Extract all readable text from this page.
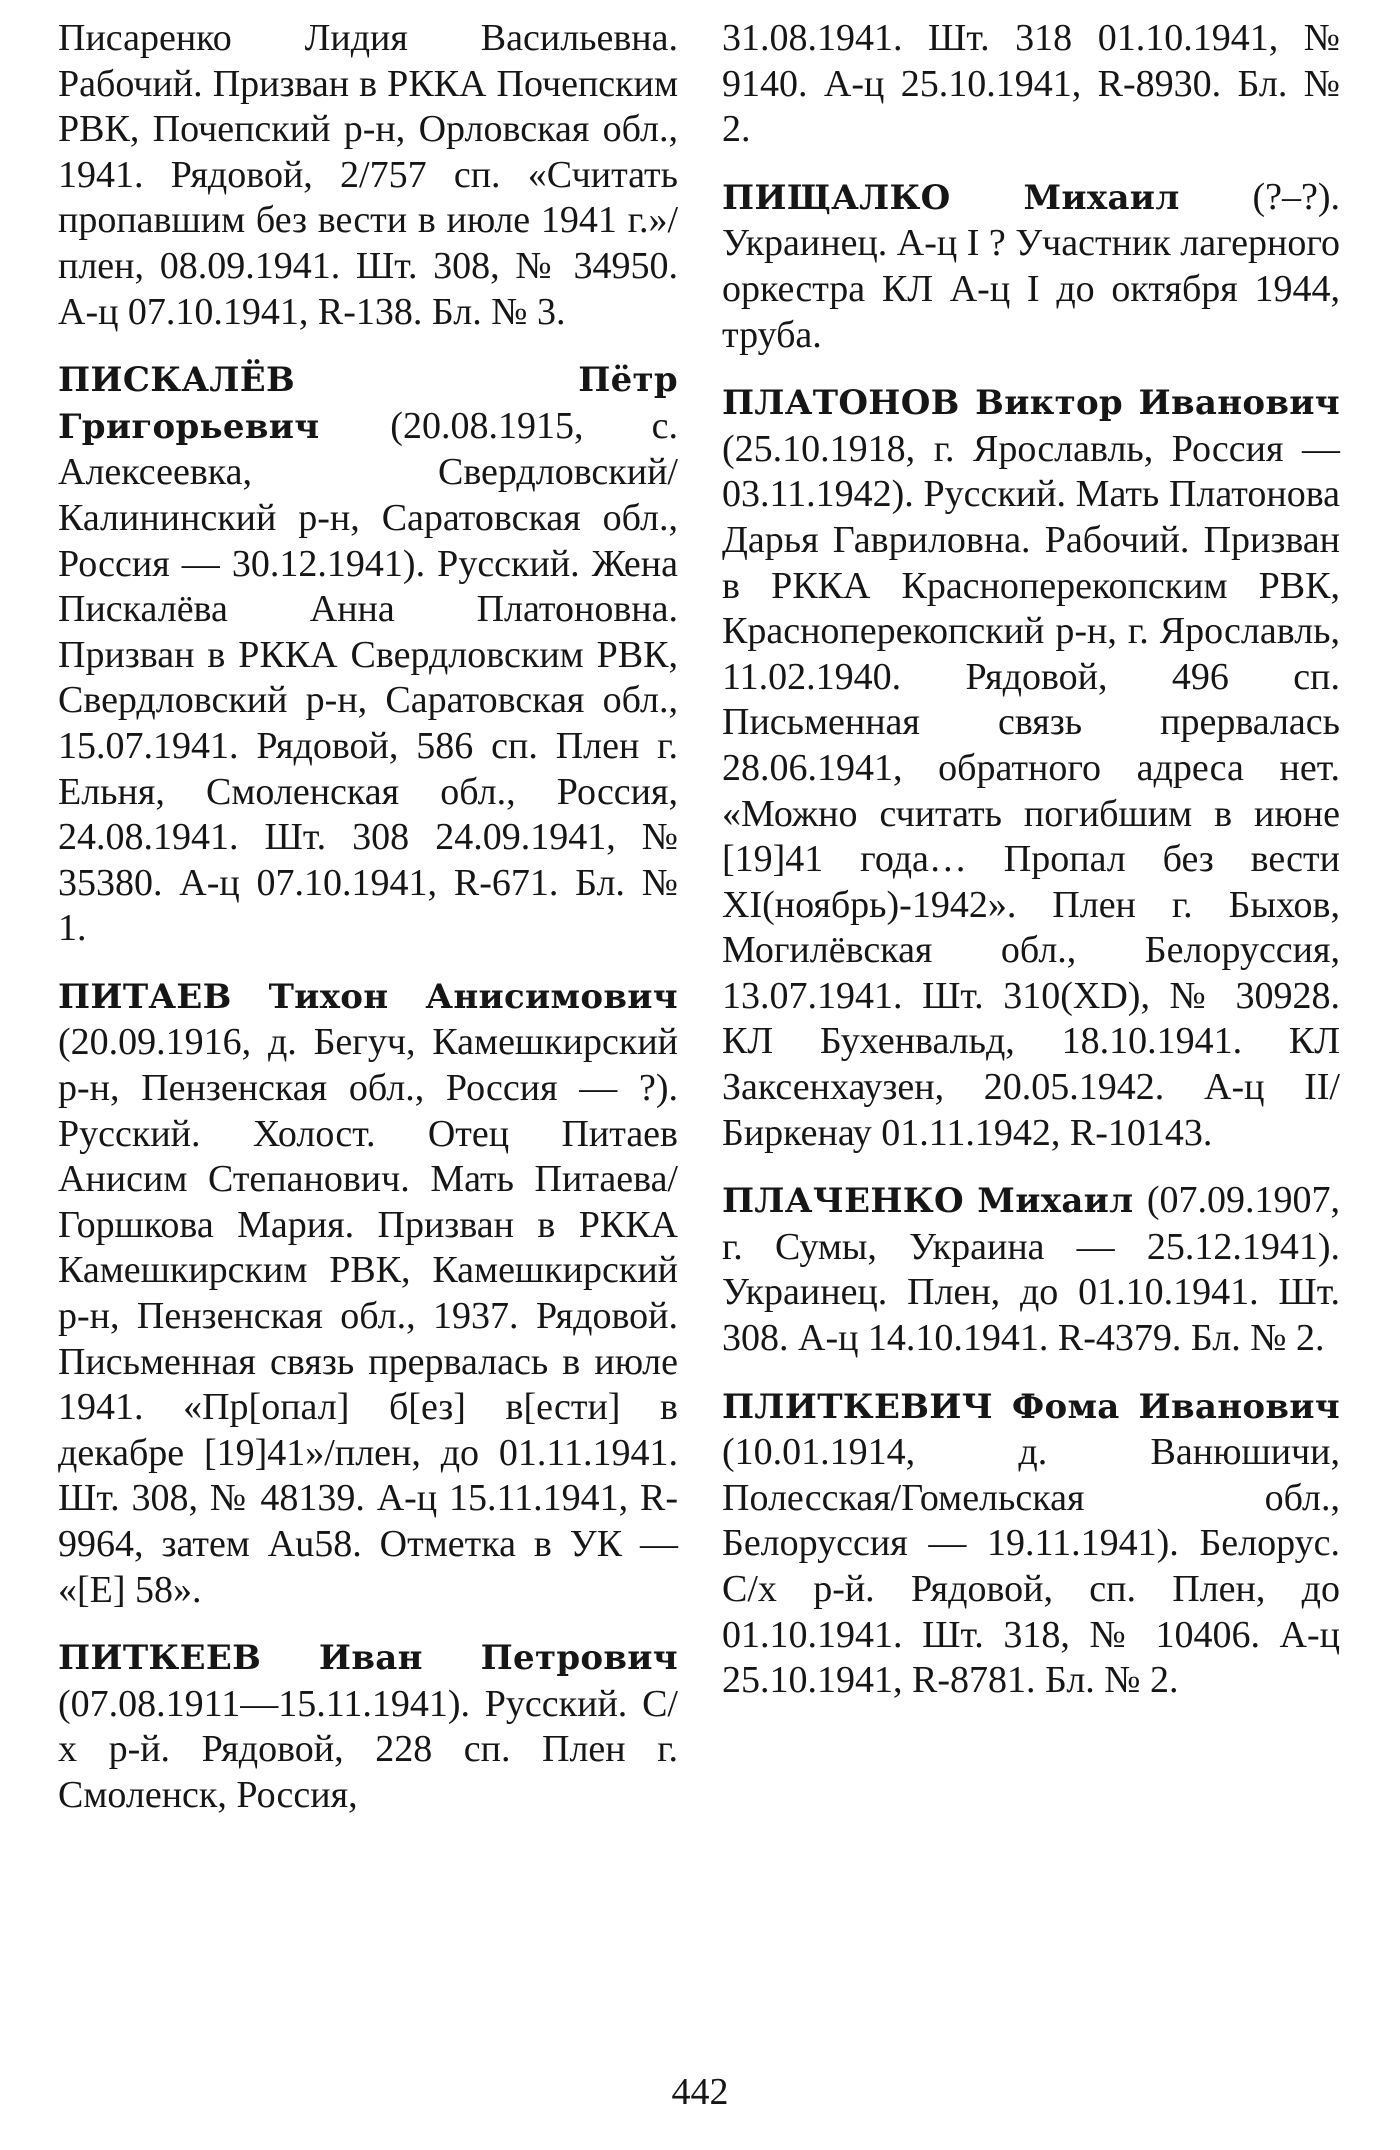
Писаренко Лидия Васильевна. Рабочий. Призван в РККА Почепским РВК, Почепский р-н, Орловская обл., 1941. Рядовой, 2/757 сп. «Считать пропавшим без вести в июле 1941 г.»/плен, 08.09.1941. Шт. 308, № 34950. А-ц 07.10.1941, R-138. Бл. № 3.

ПИСКАЛЁВ Пётр Григорьевич (20.08.1915, с. Алексеевка, Свердловский/Калининский р-н, Саратовская обл., Россия — 30.12.1941). Русский. Жена Пискалёва Анна Платоновна. Призван в РККА Свердловским РВК, Свердловский р-н, Саратовская обл., 15.07.1941. Рядовой, 586 сп. Плен г. Ельня, Смоленская обл., Россия, 24.08.1941. Шт. 308 24.09.1941, № 35380. А-ц 07.10.1941, R-671. Бл. № 1.

ПИТАЕВ Тихон Анисимович (20.09.1916, д. Бегуч, Камешкирский р-н, Пензенская обл., Россия — ?). Русский. Холост. Отец Питаев Анисим Степанович. Мать Питаева/Горшкова Мария. Призван в РККА Камешкирским РВК, Камешкирский р-н, Пензенская обл., 1937. Рядовой. Письменная связь прервалась в июле 1941. «Пр[опал] б[ез] в[ести] в декабре [19]41»/плен, до 01.11.1941. Шт. 308, № 48139. А-ц 15.11.1941, R-9964, затем Au58. Отметка в УК — «[E] 58».

ПИТКЕЕВ Иван Петрович (07.08.1911—15.11.1941). Русский. С/х р-й. Рядовой, 228 сп. Плен г. Смоленск, Россия,

31.08.1941. Шт. 318 01.10.1941, № 9140. А-ц 25.10.1941, R-8930. Бл. № 2.

ПИЩАЛКО Михаил (?–?). Украинец. А-ц I ? Участник лагерного оркестра КЛ А-ц I до октября 1944, труба.

ПЛАТОНОВ Виктор Иванович (25.10.1918, г. Ярославль, Россия — 03.11.1942). Русский. Мать Платонова Дарья Гавриловна. Рабочий. Призван в РККА Красноперекопским РВК, Красноперекопский р-н, г. Ярославль, 11.02.1940. Рядовой, 496 сп. Письменная связь прервалась 28.06.1941, обратного адреса нет. «Можно считать погибшим в июне [19]41 года… Пропал без вести XI(ноябрь)-1942». Плен г. Быхов, Могилёвская обл., Белоруссия, 13.07.1941. Шт. 310(XD), № 30928. КЛ Бухенвальд, 18.10.1941. КЛ Заксенхаузен, 20.05.1942. А-ц II/Биркенау 01.11.1942, R-10143.

ПЛАЧЕНКО Михаил (07.09.1907, г. Сумы, Украина — 25.12.1941). Украинец. Плен, до 01.10.1941. Шт. 308. А-ц 14.10.1941. R-4379. Бл. № 2.

ПЛИТКЕВИЧ Фома Иванович (10.01.1914, д. Ванюшичи, Полесская/Гомельская обл., Белоруссия — 19.11.1941). Белорус. С/х р-й. Рядовой, сп. Плен, до 01.10.1941. Шт. 318, № 10406. А-ц 25.10.1941, R-8781. Бл. № 2.

442
